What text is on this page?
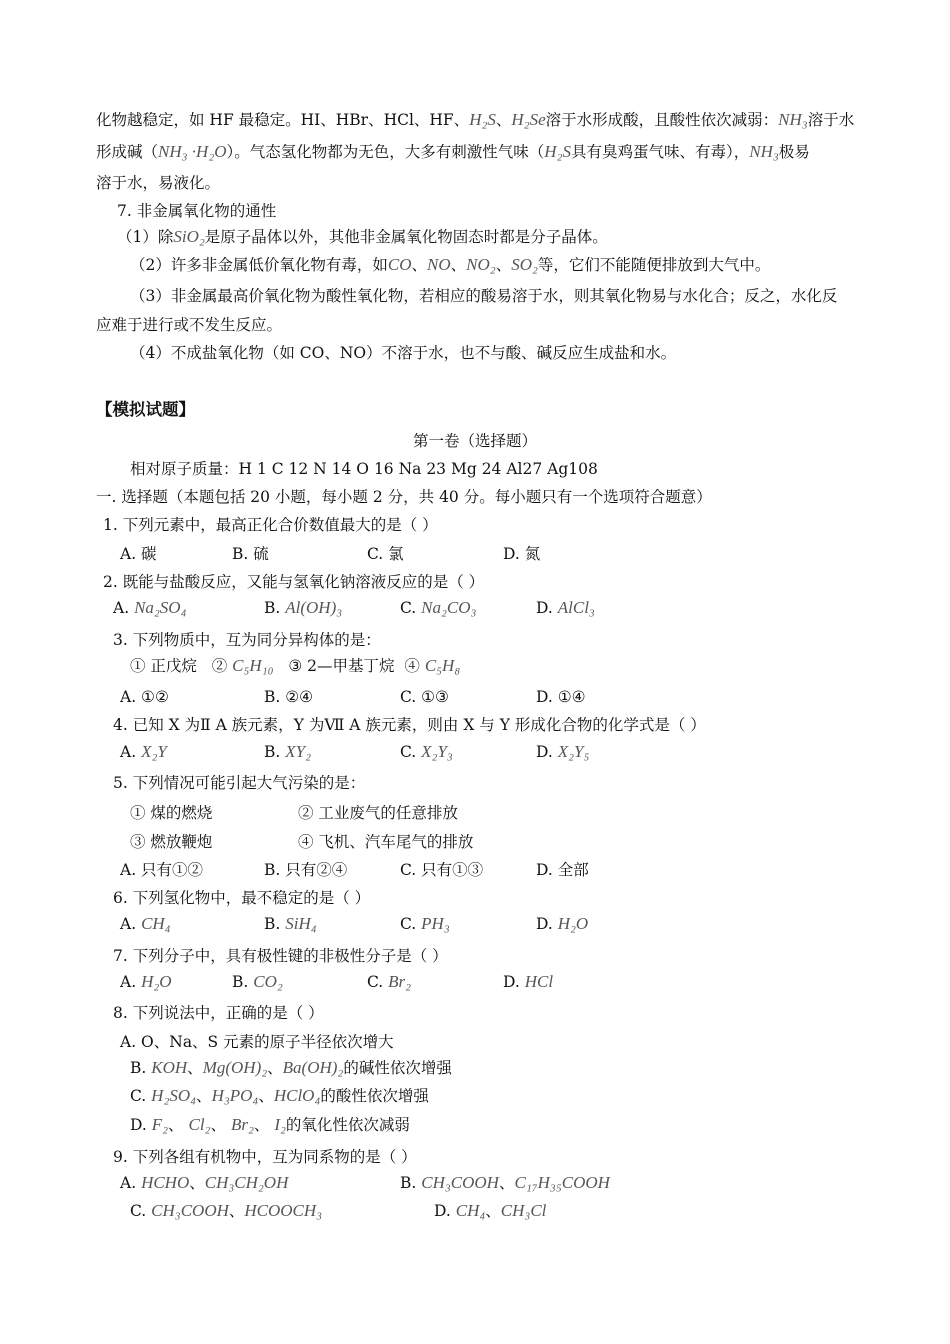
化物越稳定，如 HF 最稳定。HI、HBr、HCl、HF、H₂S、H₂Se溶于水形成酸，且酸性依次减弱：NH₃溶于水
形成碱（NH₃ ·H₂O）。气态氢化物都为无色，大多有刺激性气味（H₂S具有臭鸡蛋气味、有毒），NH₃极易
溶于水，易液化。
7. 非金属氧化物的通性
（1）除SiO₂是原子晶体以外，其他非金属氧化物固态时都是分子晶体。
（2）许多非金属低价氧化物有毒，如CO、NO、NO₂、SO₂等，它们不能随便排放到大气中。
（3）非金属最高价氧化物为酸性氧化物，若相应的酸易溶于水，则其氧化物易与水化合；反之，水化反
应难于进行或不发生反应。
（4）不成盐氧化物（如 CO、NO）不溶于水，也不与酸、碱反应生成盐和水。
【模拟试题】
第一卷（选择题）
相对原子质量：H 1 C 12 N 14 O 16 Na 23 Mg 24 Al27 Ag108
一. 选择题（本题包括 20 小题，每小题 2 分，共 40 分。每小题只有一个选项符合题意）
1. 下列元素中，最高正化合价数值最大的是（ ）
A. 碳	B. 硫	C. 氯	D. 氮
2. 既能与盐酸反应，又能与氢氧化钠溶液反应的是（ ）
A. Na₂SO₄	B. Al(OH)₃	C. Na₂CO₃	D. AlCl₃
3. 下列物质中，互为同分异构体的是：
① 正戊烷 ② C₅H₁₀ ③ 2—甲基丁烷 ④ C₅H₈
A. ①②	B. ②④	C. ①③	D. ①④
4. 已知 X 为Ⅱ A 族元素，Y 为Ⅶ A 族元素，则由 X 与 Y 形成化合物的化学式是（ ）
A. X₂Y	B. XY₂	C. X₂Y₃	D. X₂Y₅
5. 下列情况可能引起大气污染的是：
① 煤的燃烧	② 工业废气的任意排放
③ 燃放鞭炮	④ 飞机、汽车尾气的排放
A. 只有①②	B. 只有②④	C. 只有①③	D. 全部
6. 下列氢化物中，最不稳定的是（ ）
A. CH₄	B. SiH₄	C. PH₃	D. H₂O
7. 下列分子中，具有极性键的非极性分子是（ ）
A. H₂O	B. CO₂	C. Br₂	D. HCl
8. 下列说法中，正确的是（ ）
A. O、Na、S 元素的原子半径依次增大
B. KOH、Mg(OH)₂、Ba(OH)₂的碱性依次增强
C. H₂SO₄、H₃PO₄、HClO₄的酸性依次增强
D. F₂、 Cl₂、 Br₂、 I₂的氧化性依次减弱
9. 下列各组有机物中，互为同系物的是（ ）
A. HCHO、CH₃CH₂OH	B. CH₃COOH、C₁₇H₃₅COOH
C. CH₃COOH、HCOOCH₃	D. CH₄、CH₃Cl
